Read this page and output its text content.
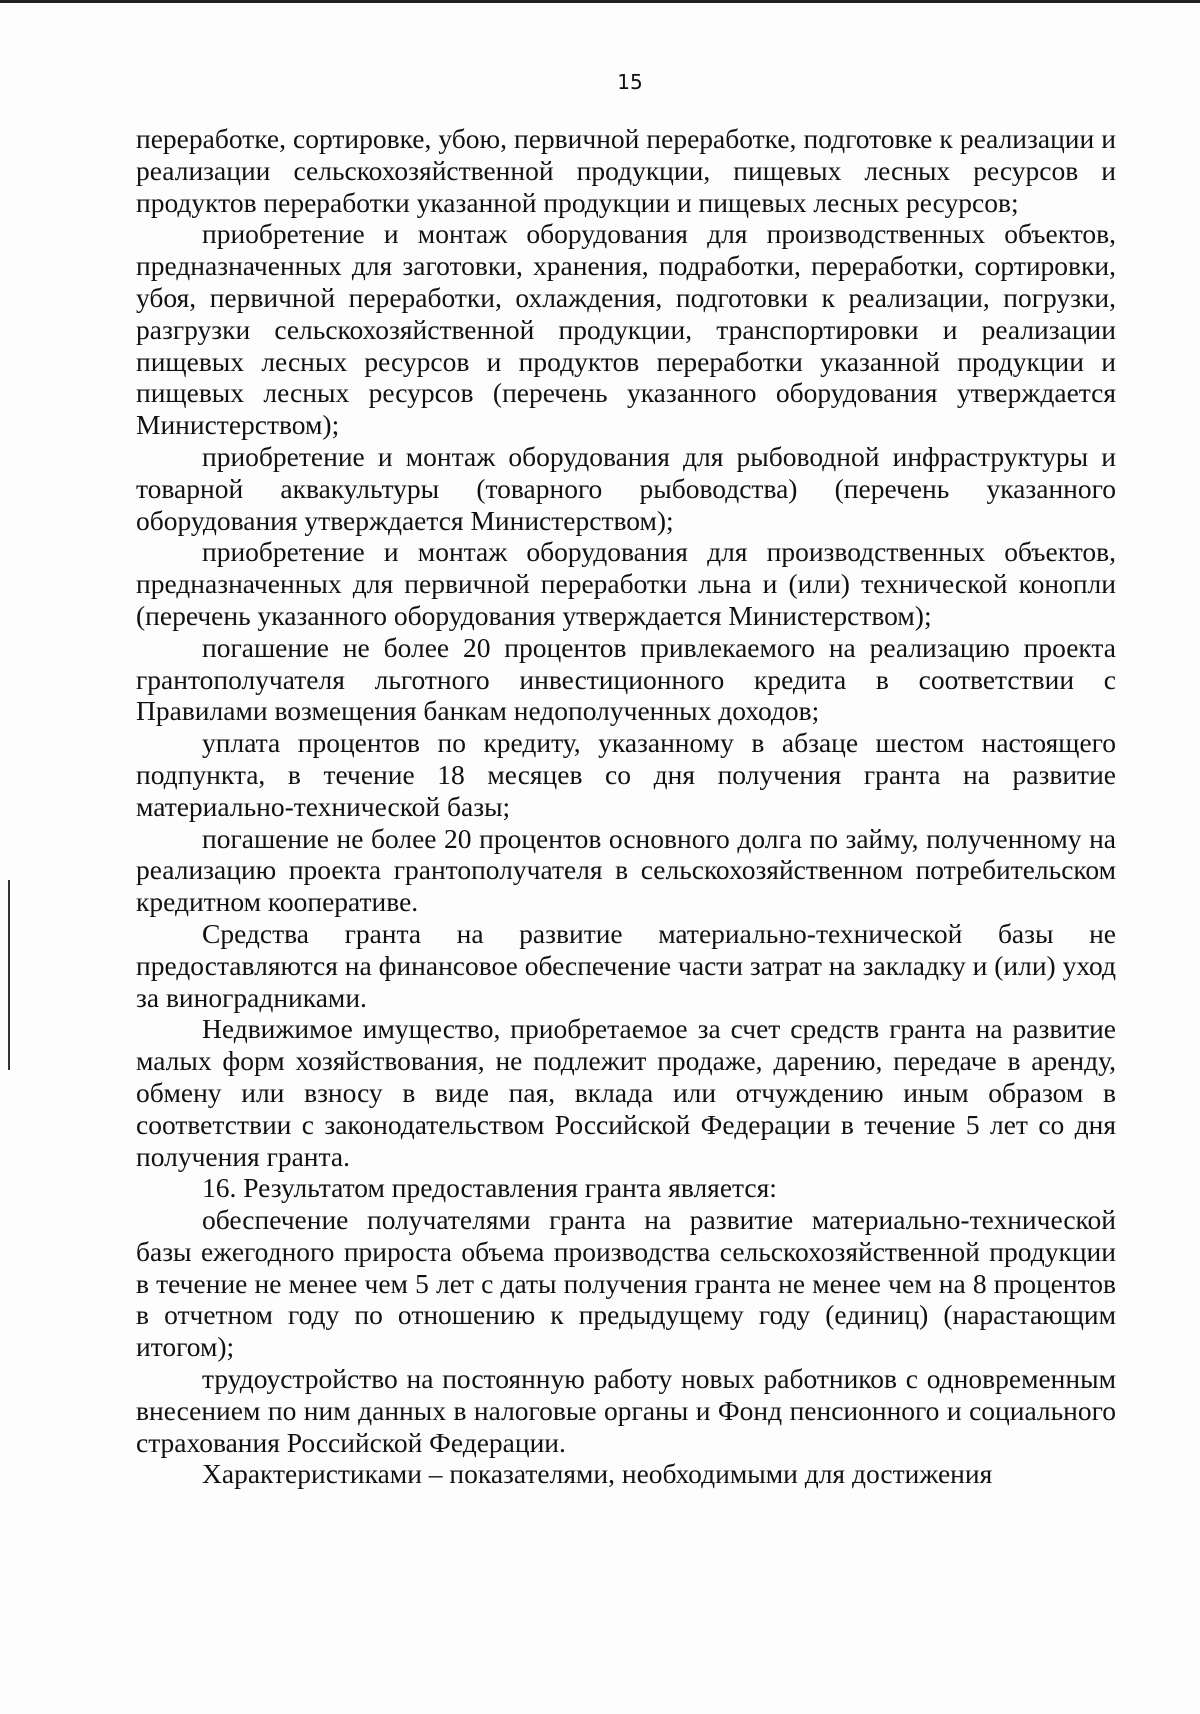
15

переработке, сортировке, убою, первичной переработке, подготовке к реализации и реализации сельскохозяйственной продукции, пищевых лесных ресурсов и продуктов переработки указанной продукции и пищевых лесных ресурсов;

приобретение и монтаж оборудования для производственных объектов, предназначенных для заготовки, хранения, подработки, переработки, сортировки, убоя, первичной переработки, охлаждения, подготовки к реализации, погрузки, разгрузки сельскохозяйственной продукции, транспортировки и реализации пищевых лесных ресурсов и продуктов переработки указанной продукции и пищевых лесных ресурсов (перечень указанного оборудования утверждается Министерством);

приобретение и монтаж оборудования для рыбоводной инфраструктуры и товарной аквакультуры (товарного рыбоводства) (перечень указанного оборудования утверждается Министерством);

приобретение и монтаж оборудования для производственных объектов, предназначенных для первичной переработки льна и (или) технической конопли (перечень указанного оборудования утверждается Министерством);

погашение не более 20 процентов привлекаемого на реализацию проекта грантополучателя льготного инвестиционного кредита в соответствии с Правилами возмещения банкам недополученных доходов;

уплата процентов по кредиту, указанному в абзаце шестом настоящего подпункта, в течение 18 месяцев со дня получения гранта на развитие материально-технической базы;

погашение не более 20 процентов основного долга по займу, полученному на реализацию проекта грантополучателя в сельскохозяйственном потребительском кредитном кооперативе.

Средства гранта на развитие материально-технической базы не предоставляются на финансовое обеспечение части затрат на закладку и (или) уход за виноградниками.

Недвижимое имущество, приобретаемое за счет средств гранта на развитие малых форм хозяйствования, не подлежит продаже, дарению, передаче в аренду, обмену или взносу в виде пая, вклада или отчуждению иным образом в соответствии с законодательством Российской Федерации в течение 5 лет со дня получения гранта.

16. Результатом предоставления гранта является:

обеспечение получателями гранта на развитие материально-технической базы ежегодного прироста объема производства сельскохозяйственной продукции в течение не менее чем 5 лет с даты получения гранта не менее чем на 8 процентов в отчетном году по отношению к предыдущему году (единиц) (нарастающим итогом);

трудоустройство на постоянную работу новых работников с одновременным внесением по ним данных в налоговые органы и Фонд пенсионного и социального страхования Российской Федерации.

Характеристиками – показателями, необходимыми для достижения
